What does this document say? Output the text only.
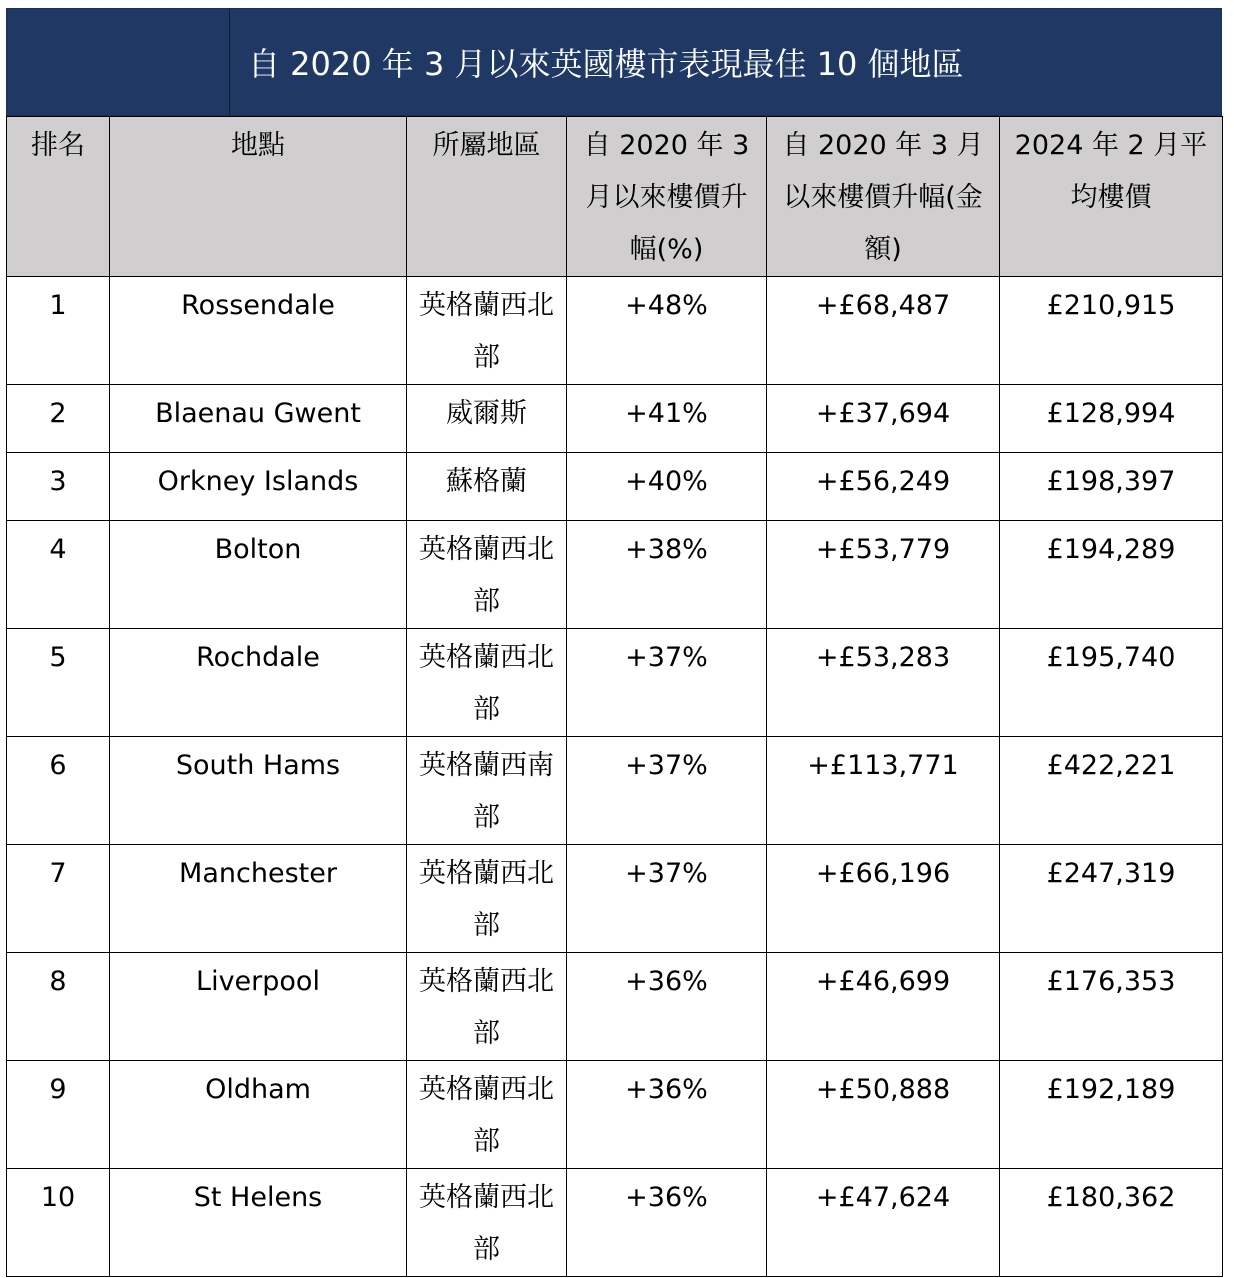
自 2020 年 3 月以來英國樓市表現最佳 10 個地區
排名	地點	所屬地區	自 2020 年 3 月以來樓價升幅(%)	自 2020 年 3 月以來樓價升幅(金額)	2024 年 2 月平均樓價
1	Rossendale	英格蘭西北部	+48%	+£68,487	£210,915
2	Blaenau Gwent	威爾斯	+41%	+£37,694	£128,994
3	Orkney Islands	蘇格蘭	+40%	+£56,249	£198,397
4	Bolton	英格蘭西北部	+38%	+£53,779	£194,289
5	Rochdale	英格蘭西北部	+37%	+£53,283	£195,740
6	South Hams	英格蘭西南部	+37%	+£113,771	£422,221
7	Manchester	英格蘭西北部	+37%	+£66,196	£247,319
8	Liverpool	英格蘭西北部	+36%	+£46,699	£176,353
9	Oldham	英格蘭西北部	+36%	+£50,888	£192,189
10	St Helens	英格蘭西北部	+36%	+£47,624	£180,362
